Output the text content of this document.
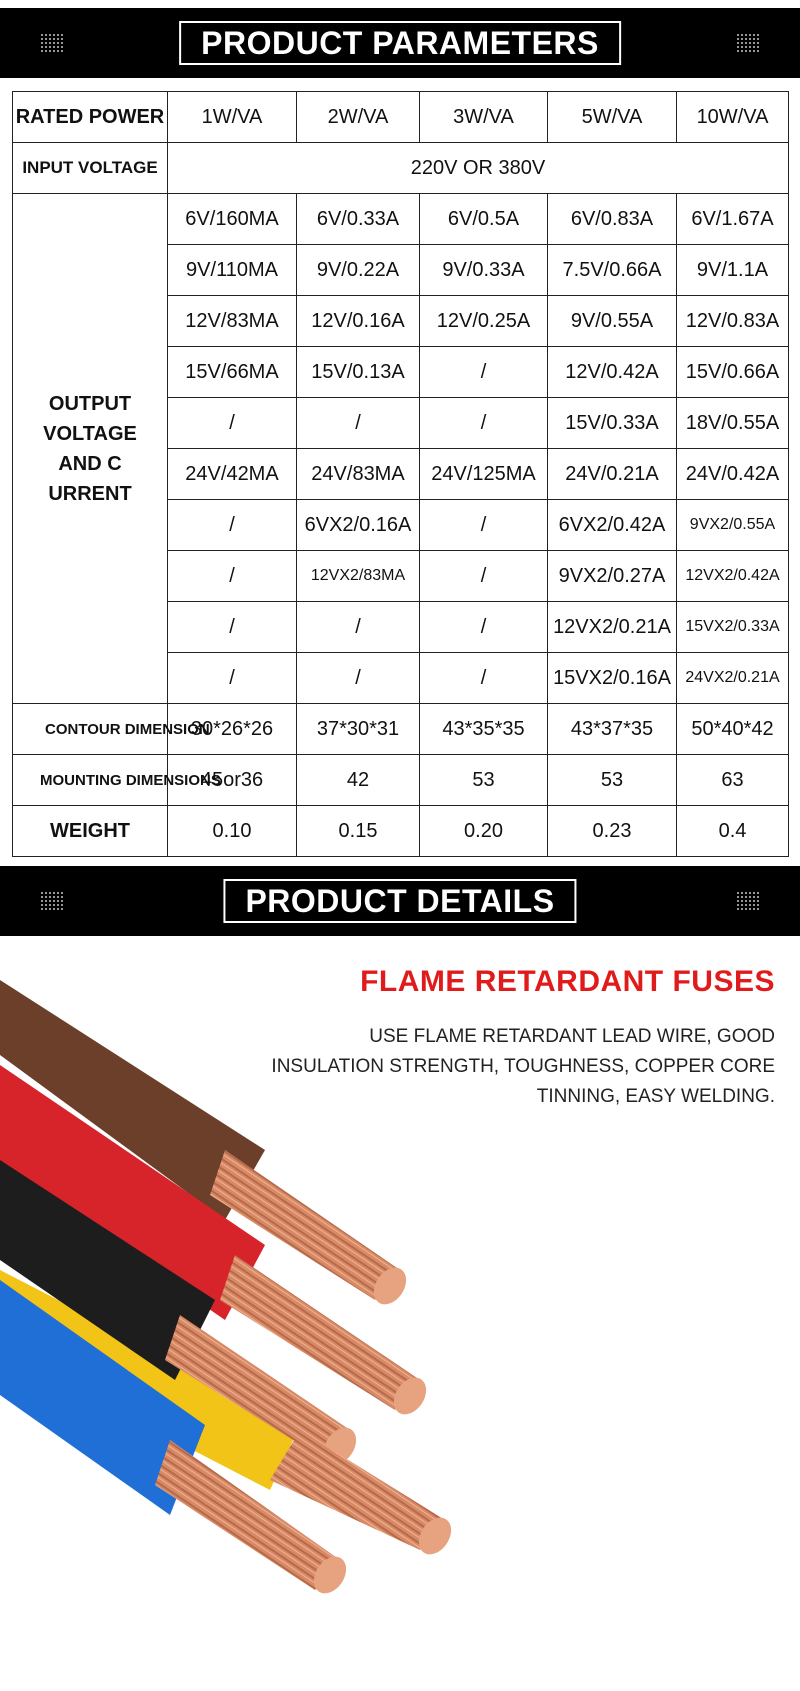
PRODUCT PARAMETERS
RATED POWER	1W/VA	2W/VA	3W/VA	5W/VA	10W/VA
INPUT VOLTAGE	220V OR 380V				

OUTPUT VOLTAGE AND C URRENT	6V/160MA	6V/0.33A	6V/0.5A	6V/0.83A	6V/1.67A
	9V/110MA	9V/0.22A	9V/0.33A	7.5V/0.66A	9V/1.1A
	12V/83MA	12V/0.16A	12V/0.25A	9V/0.55A	12V/0.83A
	15V/66MA	15V/0.13A	/	12V/0.42A	15V/0.66A
	/	/	/	15V/0.33A	18V/0.55A
	24V/42MA	24V/83MA	24V/125MA	24V/0.21A	24V/0.42A
	/	6VX2/0.16A	/	6VX2/0.42A	9VX2/0.55A
	/	12VX2/83MA	/	9VX2/0.27A	12VX2/0.42A
	/	/	/	12VX2/0.21A	15VX2/0.33A
	/	/	/	15VX2/0.16A	24VX2/0.21A

CONTOUR DIMENSION	30*26*26	37*30*31	43*35*35	43*37*35	50*40*42

MOUNTING DIMENSIONS	45or36	42	53	53	63
WEIGHT	0.10	0.15	0.20	0.23	0.4
PRODUCT DETAILS
FLAME RETARDANT FUSES
USE FLAME RETARDANT LEAD WIRE, GOOD INSULATION STRENGTH, TOUGHNESS, COPPER CORE TINNING, EASY WELDING.
